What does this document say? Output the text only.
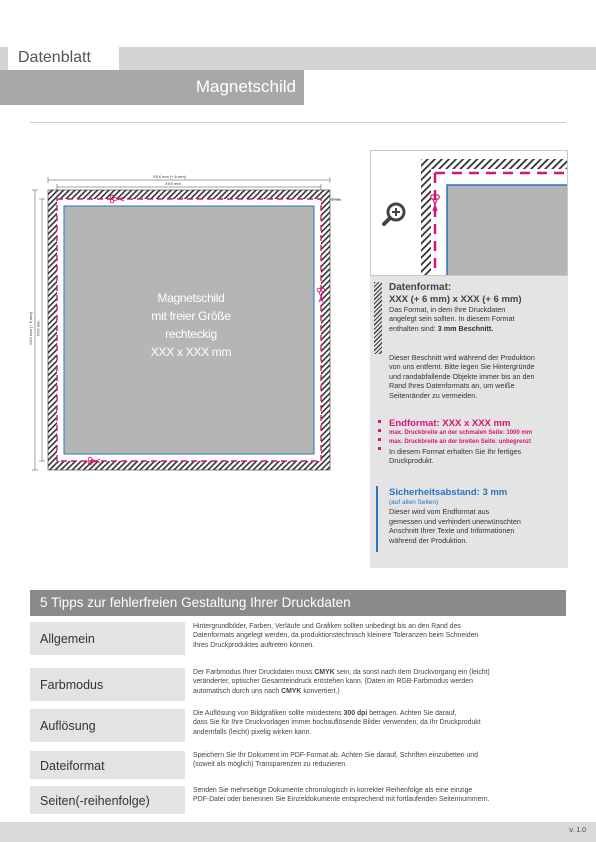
Datenblatt
Magnetschild
XXX mm (+ 6 mm)
XXX mm
3 mm
XXX mm (+ 6 mm) XXX mm
Magnetschild
mit freier Größe
rechteckig
XXX x XXX mm
Datenformat:
XXX (+ 6 mm) x XXX (+ 6 mm)
Das Format, in dem Ihre Druckdaten
angelegt sein sollten. In diesem Format
enthalten sind: 3 mm Beschnitt.
Dieser Beschnitt wird während der Produktion
von uns entfernt. Bitte legen Sie Hintergründe
und randabfallende Objekte immer bis an den
Rand Ihres Datenformats an, um weiße
Seitenränder zu vermeiden.
Endformat: XXX x XXX mm
max. Druckbreite an der schmalen Seite: 1000 mm
max. Druckbreite an der breiten Seite: unbegrenzt
In diesem Format erhalten Sie Ihr fertiges
Druckprodukt.
Sicherheitsabstand: 3 mm
(auf allen Seiten)
Dieser wird vom Endformat aus
gemessen und verhindert unerwünschten
Anschnitt Ihrer Texte und Informationen
während der Produktion.
5 Tipps zur fehlerfreien Gestaltung Ihrer Druckdaten
Allgemein
Hintergrundbilder, Farben, Verläufe und Grafiken sollten unbedingt bis an den Rand des
Datenformats angelegt werden, da produktionstechnisch kleinere Toleranzen beim Schneiden
Ihres Druckproduktes auftreten können.
Farbmodus
Der Farbmodus Ihrer Druckdaten muss CMYK sein, da sonst nach dem Druckvorgang ein (leicht)
veränderter, optischer Gesamteindruck entstehen kann. (Daten im RGB-Farbmodus werden
automatisch durch uns nach CMYK konvertiert.)
Auflösung
Die Auflösung von Bildgrafiken sollte mindestens 300 dpi betragen. Achten Sie darauf,
dass Sie für Ihre Druckvorlagen immer hochauflösende Bilder verwenden, da Ihr Druckprodukt
andernfalls (leicht) pixelig wirken kann.
Dateiformat
Speichern Sie Ihr Dokument im PDF-Format ab. Achten Sie darauf, Schriften einzubetten und
(soweit als möglich) Transparenzen zu reduzieren.
Seiten(-reihenfolge)
Senden Sie mehrseitige Dokumente chronologisch in korrekter Reihenfolge als eine einzige
PDF-Datei oder benennen Sie Einzeldokumente entsprechend mit fortlaufenden Seitennummern.
v. 1.0
